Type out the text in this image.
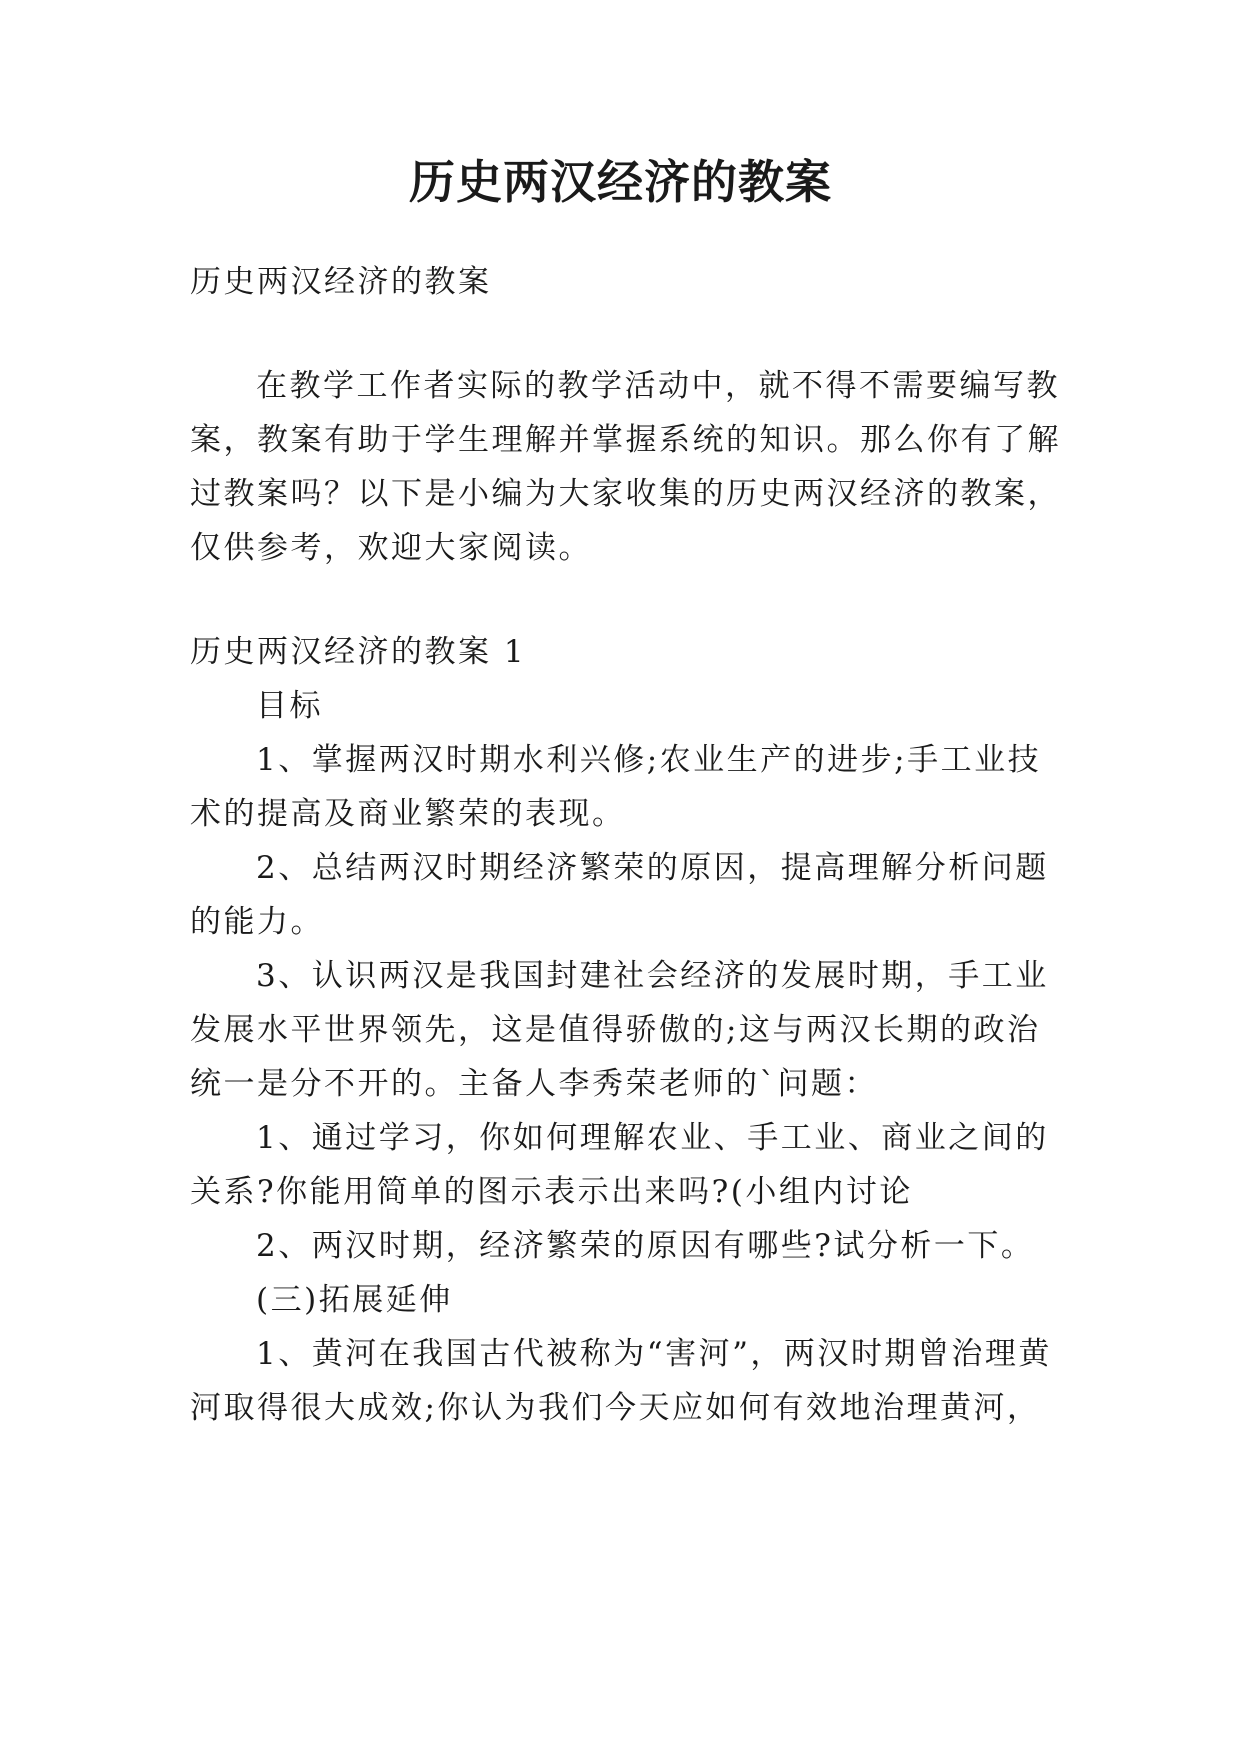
历史两汉经济的教案

历史两汉经济的教案

在教学工作者实际的教学活动中，就不得不需要编写教

案，教案有助于学生理解并掌握系统的知识。那么你有了解

过教案吗？以下是小编为大家收集的历史两汉经济的教案，

仅供参考，欢迎大家阅读。

历史两汉经济的教案 1

目标

1、掌握两汉时期水利兴修;农业生产的进步;手工业技

术的提高及商业繁荣的表现。

2、总结两汉时期经济繁荣的原因，提高理解分析问题

的能力。

3、认识两汉是我国封建社会经济的发展时期，手工业

发展水平世界领先，这是值得骄傲的;这与两汉长期的政治

统一是分不开的。主备人李秀荣老师的`问题：

1、通过学习，你如何理解农业、手工业、商业之间的

关系?你能用简单的图示表示出来吗?(小组内讨论

2、两汉时期，经济繁荣的原因有哪些?试分析一下。

(三)拓展延伸

1、黄河在我国古代被称为“害河”，两汉时期曾治理黄

河取得很大成效;你认为我们今天应如何有效地治理黄河，
